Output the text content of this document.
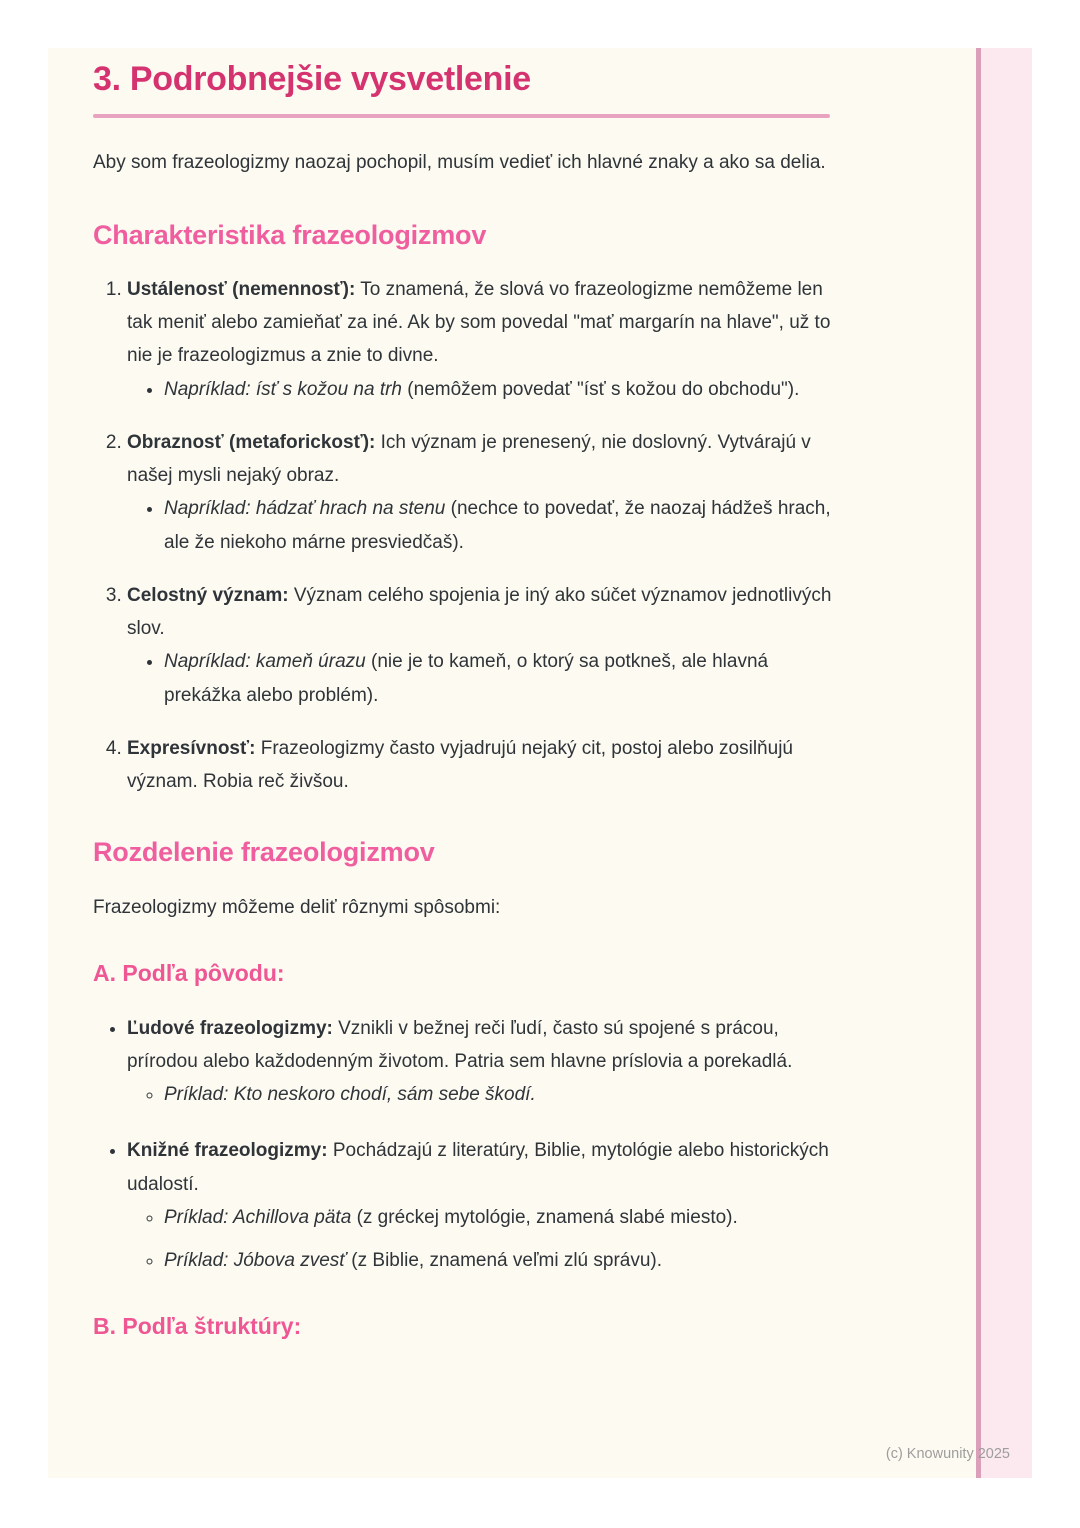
3. Podrobnejšie vysvetlenie

Aby som frazeologizmy naozaj pochopil, musím vedieť ich hlavné znaky a ako sa delia.

Charakteristika frazeologizmov
1. Ustálenosť (nemennosť): To znamená, že slová vo frazeologizme nemôžeme len tak meniť alebo zamieňať za iné. Ak by som povedal "mať margarín na hlave", už to nie je frazeologizmus a znie to divne.
• Napríklad: ísť s kožou na trh (nemôžem povedať "ísť s kožou do obchodu").
2. Obraznosť (metaforickosť): Ich význam je prenesený, nie doslovný. Vytvárajú v našej mysli nejaký obraz.
• Napríklad: hádzať hrach na stenu (nechce to povedať, že naozaj hádžeš hrach, ale že niekoho márne presviedčaš).
3. Celostný význam: Význam celého spojenia je iný ako súčet významov jednotlivých slov.
• Napríklad: kameň úrazu (nie je to kameň, o ktorý sa potkneš, ale hlavná prekážka alebo problém).
4. Expresívnosť: Frazeologizmy často vyjadrujú nejaký cit, postoj alebo zosilňujú význam. Robia reč živšou.
Rozdelenie frazeologizmov

Frazeologizmy môžeme deliť rôznymi spôsobmi:

A. Podľa pôvodu:
• Ľudové frazeologizmy: Vznikli v bežnej reči ľudí, často sú spojené s prácou, prírodou alebo každodenným životom. Patria sem hlavne príslovia a porekadlá.
◦ Príklad: Kto neskoro chodí, sám sebe škodí.
• Knižné frazeologizmy: Pochádzajú z literatúry, Biblie, mytológie alebo historických udalostí.
◦ Príklad: Achillova päta (z gréckej mytológie, znamená slabé miesto).
◦ Príklad: Jóbova zvesť (z Biblie, znamená veľmi zlú správu).
B. Podľa štruktúry:
(c) Knowunity 2025
